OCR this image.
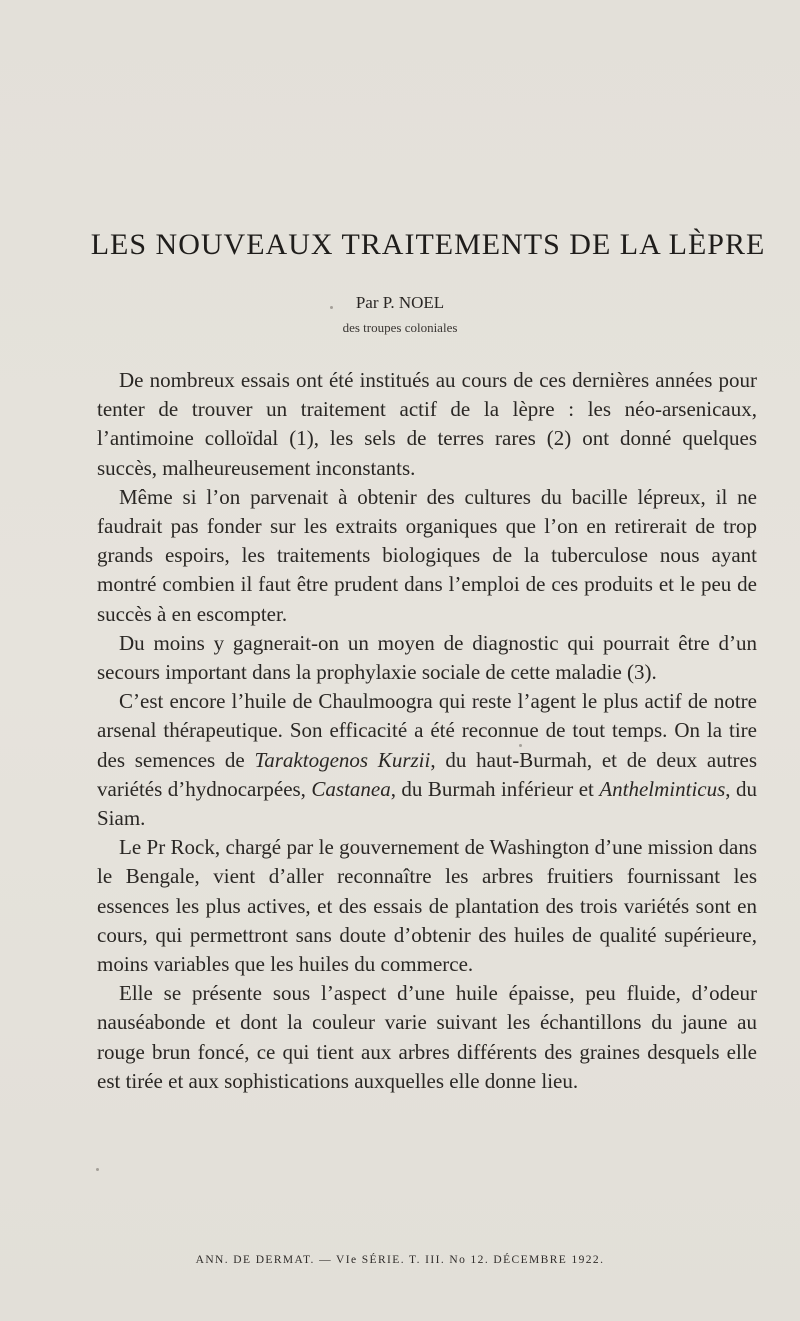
LES NOUVEAUX TRAITEMENTS DE LA LÈPRE
Par P. NOEL
des troupes coloniales

De nombreux essais ont été institués au cours de ces dernières années pour tenter de trouver un traitement actif de la lèpre : les néo-arsenicaux, l’antimoine colloïdal (1), les sels de terres rares (2) ont donné quelques succès, malheureusement inconstants.

Même si l’on parvenait à obtenir des cultures du bacille lépreux, il ne faudrait pas fonder sur les extraits organiques que l’on en retirerait de trop grands espoirs, les traitements biologiques de la tuberculose nous ayant montré combien il faut être prudent dans l’emploi de ces produits et le peu de succès à en escompter.

Du moins y gagnerait-on un moyen de diagnostic qui pourrait être d’un secours important dans la prophylaxie sociale de cette maladie (3).

C’est encore l’huile de Chaulmoogra qui reste l’agent le plus actif de notre arsenal thérapeutique. Son efficacité a été reconnue de tout temps. On la tire des semences de Taraktogenos Kurzii, du haut-Burmah, et de deux autres variétés d’hydnocarpées, Castanea, du Burmah inférieur et Anthelminticus, du Siam.

Le Pr Rock, chargé par le gouvernement de Washington d’une mission dans le Bengale, vient d’aller reconnaître les arbres fruitiers fournissant les essences les plus actives, et des essais de plantation des trois variétés sont en cours, qui permettront sans doute d’obtenir des huiles de qualité supérieure, moins variables que les huiles du commerce.

Elle se présente sous l’aspect d’une huile épaisse, peu fluide, d’odeur nauséabonde et dont la couleur varie suivant les échantillons du jaune au rouge brun foncé, ce qui tient aux arbres différents des graines desquels elle est tirée et aux sophistications auxquelles elle donne lieu.

ANN. DE DERMAT. — VIe SÉRIE. T. III. No 12. DÉCEMBRE 1922.
